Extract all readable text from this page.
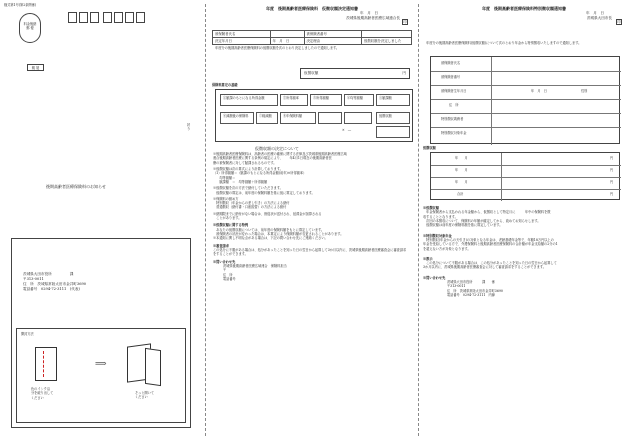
様式第1号(第2条関係)
料金後納
郵 便
親 展
折
り
後期高齢者医療保険料のお知らせ
茨城県大田市役所　　　　　	課
〒313-0011
住　所　 茨城県常陸太田市金井町3690
電話番号　 0294-72-3111　 (代表)
開封方法
色のインク沿
分を破り出して
ください
⟹
そっと開いて
ください
年度　後期高齢者医療保険料　仮徴収額決定通知書
年　月　日
茨城県後期高齢者医療広域連合長
印
被保険者氏名		被保険者番号	
決定年月日	年　月　日	決定理由	仮徴収額を決定しました
　年度分の後期高齢者医療保険料の仮徴収額を次のとおり決定しましたので通知します。
仮徴収額	円
保険料算定の基礎
①賦課のもとになる所得金額	②所得割率	③所得割額	④均等割額	⑤賦課額
⑥減額後の保険料	⑦軽減額	⑧年保険料額
×　―
仮徴収額
仮徴収額の決定について
※後期高齢者医療保険料は、高齢者の医療の確保に関する法律及び茨城県後期高齢者医療広域
連合後期高齢者医療に関する条例の規定により、　　年4月1日現在の後期高齢者医
療の被保険者に対して賦課されるものです。
※仮徴収額は次の算式により計算しております。
（1）所得割額＝（賦課のもとになる所得金額(前年)×所得割率）
　　均等割額＝
　　賦課額　＝　均等割額＋所得割額
※仮徴収額を次の方法で納付していただきます。
　仮徴収額の算定は、前年度の保険料額を基に仮に算定しております。
※保険料の納め方
　特別徴収（年金からの差し引き）の方法による納付
　普通徴収（納付書・口座振替）の方法による納付
※納期限までに納付がない場合は、督促状が送付され、延滞金が加算される
　ことがあります。
※仮徴収額に関する特例
　あなたの仮徴収額については、前年度の保険料額をもとに算定しています。
　被保険者の状況が変わった場合は、本算定により保険料額が変更されることがあります。
※本通知に関し不明な点がある場合は、下記の問い合わせ先にご連絡ください。
※審査請求
この処分に不服がある場合は、処分があったことを知った日の翌日から起算して3か月以内に、茨城県後期高齢者医療審査会に審査請求をすることができます。
※問い合わせ先
茨城県後期高齢者医療広域連合　保険料担当
〒
住　所
電話番号
年度　後期高齢者医療保険料特別徴収額通知書
年　月　日
茨城県大田市長
印
　年度分の後期高齢者医療保険料(仮徴収額)について次のとおり年金から特別徴収いたしますので通知します。
被保険者氏名
被保険者番号
被保険者生年月日	年　月　日	性別
住　所
特別徴収義務者
特別徴収対象年金
仮徴収額
年　　月	円
年　　月	円
年　　月	円
合計	円
※仮徴収額
　年金保険者から支払われる年金額から、仮徴収として特定月に　　　年中の保険料を徴
収することとなります。
　次回の本徴収について、保険料の年額が確定してから、改めてお知らせします。
　仮徴収額は前年度の保険料額を基に算定しています。
※特別徴収対象年金
　特別徴収(年金からの天引き)の対象となる年金は、老齢基礎年金等で、年額18万円以上の
年金を受給している方で、介護保険料と後期高齢者医療保険料の合計額が年金支給額の2分の1
を超えない方が対象となります。
※教示
　この処分について不服がある場合は、この処分があったことを知った日の翌日から起算して
3か月以内に、茨城県後期高齢者医療審査会に対して審査請求をすることができます。
※問い合わせ先
茨城県大田市役所　　　課　　係
〒313-0011
住　所　茨城県常陸太田市金井町3690
電話番号　0294-72-3111　内線
